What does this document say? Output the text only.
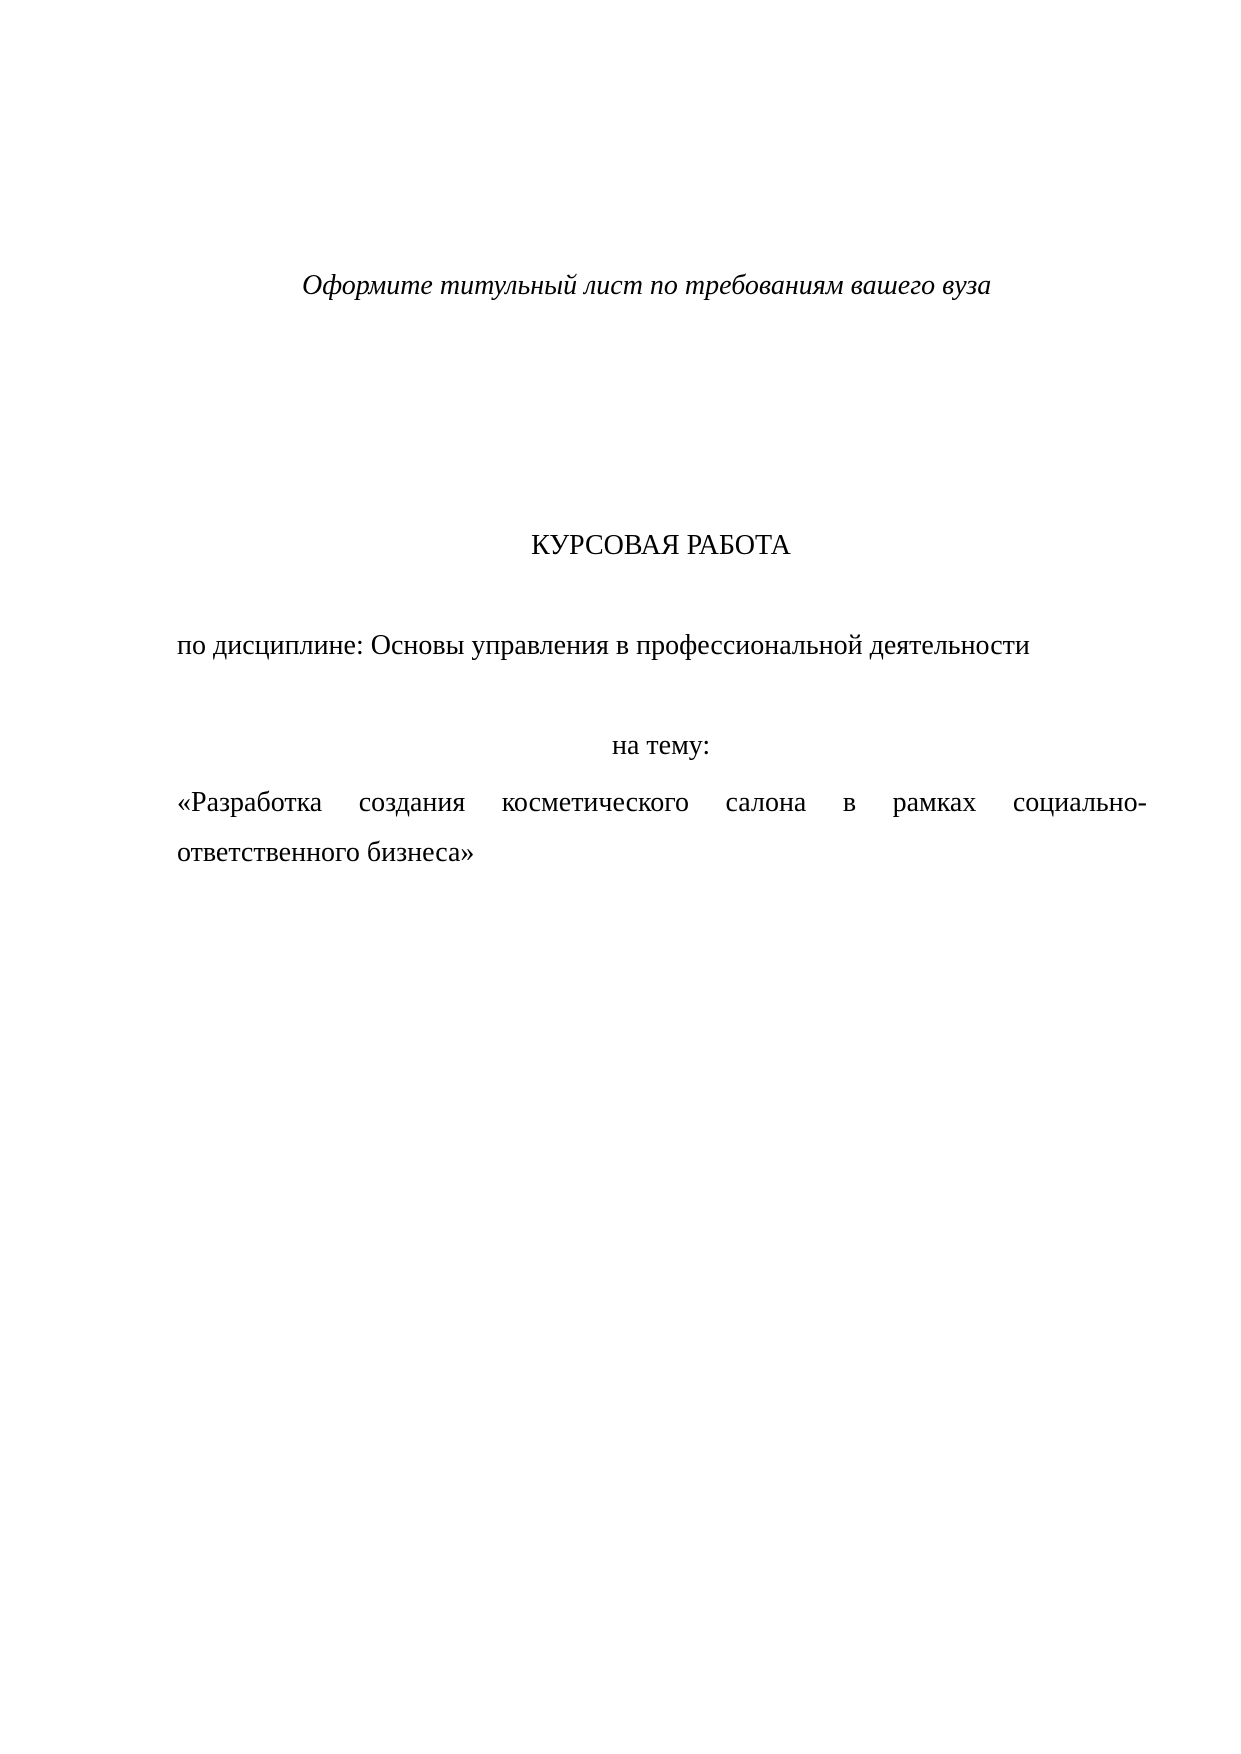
Оформите титульный лист по требованиям вашего вуза
КУРСОВАЯ РАБОТА
по дисциплине: Основы управления в профессиональной деятельности
на тему:
«Разработка создания косметического салона в рамках социально-ответственного бизнеса»
